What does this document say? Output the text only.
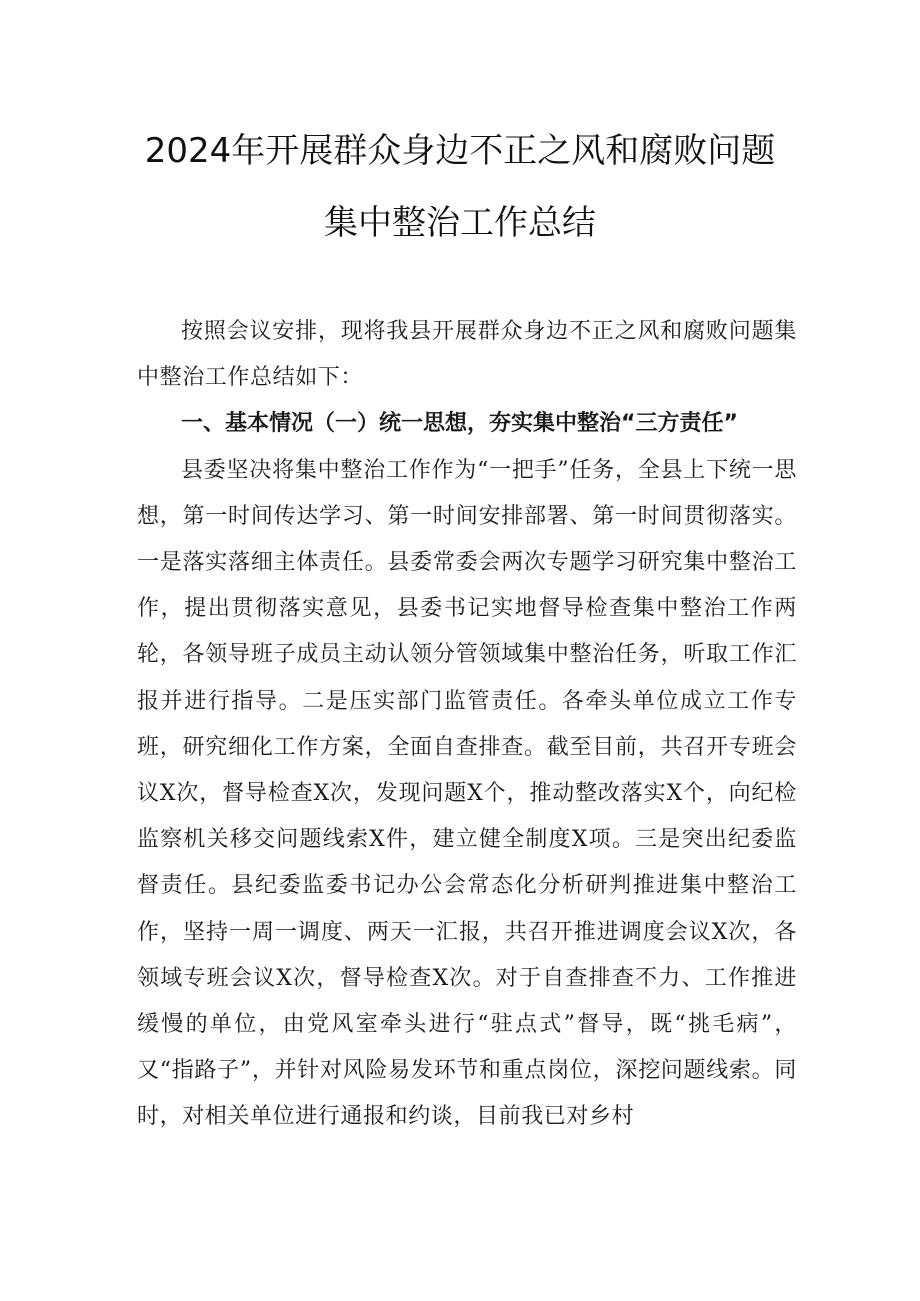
2024年开展群众身边不正之风和腐败问题
集中整治工作总结

按照会议安排，现将我县开展群众身边不正之风和腐败问题集中整治工作总结如下：

一、基本情况（一）统一思想，夯实集中整治“三方责任”

县委坚决将集中整治工作作为“一把手”任务，全县上下统一思想，第一时间传达学习、第一时间安排部署、第一时间贯彻落实。一是落实落细主体责任。县委常委会两次专题学习研究集中整治工作，提出贯彻落实意见，县委书记实地督导检查集中整治工作两轮，各领导班子成员主动认领分管领域集中整治任务，听取工作汇报并进行指导。二是压实部门监管责任。各牵头单位成立工作专班，研究细化工作方案，全面自查排查。截至目前，共召开专班会议X次，督导检查X次，发现问题X个，推动整改落实X个，向纪检监察机关移交问题线索X件，建立健全制度X项。三是突出纪委监督责任。县纪委监委书记办公会常态化分析研判推进集中整治工作，坚持一周一调度、两天一汇报，共召开推进调度会议X次，各领域专班会议X次，督导检查X次。对于自查排查不力、工作推进缓慢的单位，由党风室牵头进行“驻点式”督导，既“挑毛病”，又“指路子”，并针对风险易发环节和重点岗位，深挖问题线索。同时，对相关单位进行通报和约谈，目前我已对乡村
